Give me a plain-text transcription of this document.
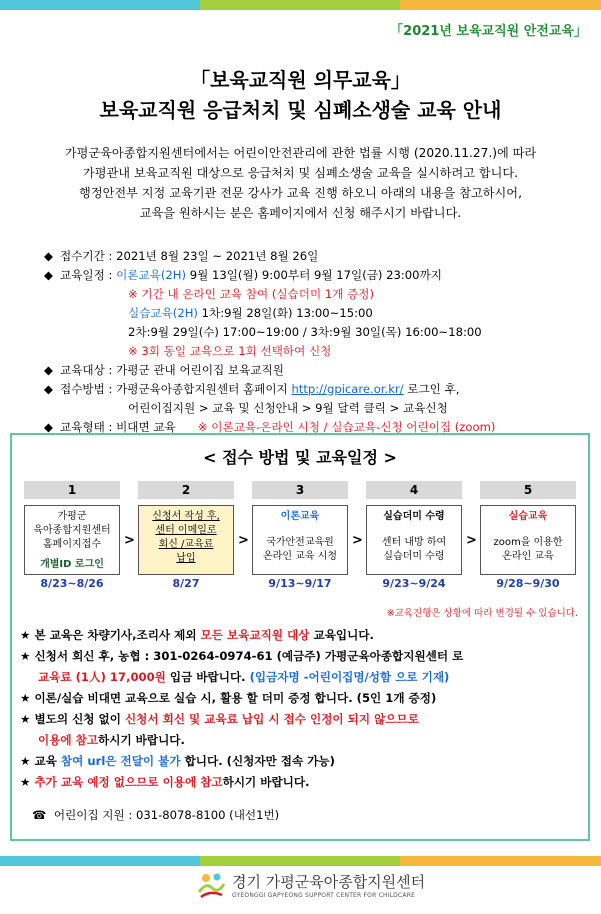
「2021년 보육교직원 안전교육」
「보육교직원 의무교육」
보육교직원 응급처치 및 심폐소생술 교육 안내
가평군육아종합지원센터에서는 어린이안전관리에 관한 법률 시행 (2020.11.27.)에 따라
가평관내 보육교직원 대상으로 응급처치 및 심폐소생술 교육을 실시하려고 합니다.
행정안전부 지정 교육기관 전문 강사가 교육 진행 하오니 아래의 내용을 참고하시어,
교육을 원하시는 분은 홈페이지에서 신청 해주시기 바랍니다.
◆ 접수기간 :
2021년 8월 23일 ~ 2021년 8월 26일
◆ 교육일정 :
이론교육(2H)
9월 13일(월) 9:00부터 9월 17일(금) 23:00까지
※ 기간 내 온라인 교육 참여 (실습더미 1개 증정)
실습교육(2H)
1차:9월 28일(화) 13:00~15:00
2차:9월 29일(수) 17:00~19:00 / 3차:9월 30일(목) 16:00~18:00
※ 3회 동일 교육으로 1회 선택하여 신청
◆ 교육대상 :
가평군 관내 어린이집 보육교직원
◆ 접수방법 :
가평군육아종합지원센터 홈페이지
http://gpicare.or.kr/
로그인 후,
어린이집지원 > 교육 및 신청안내 > 9월 달력 클릭 > 교육신청
◆ 교육형태 :
비대면 교육
※ 이론교육-온라인 시청 / 실습교육-신청 어린이집 (zoom)
< 접수 방법 및 교육일정 >
1
가평군
육아종합지원센터
홈페이지접수
개별ID 로그인
8/23~8/26
>
2
신청서 작성 후,
센터 이메일로
회신 /교육료
납입
8/27
>
3
이론교육
국가안전교육원
온라인 교육 시청
9/13~9/17
>
4
실습더미 수령
센터 내방 하여
실습더미 수령
9/23~9/24
>
5
실습교육
zoom을 이용한
온라인 교육
9/28~9/30
※교육진행은 상황에 따라 변경될 수 있습니다.
★ 본 교육은 차량기사,조리사 제외 모든 보육교직원 대상 교육입니다.
★ 신청서 회신 후, 농협 : 301-0264-0974-61 (예금주) 가평군육아종합지원센터 로
교육료 (1人) 17,000원 입금 바랍니다. (입금자명 -어린이집명/성함 으로 기재)
★ 이론/실습 비대면 교육으로 실습 시, 활용 할 더미 증정 합니다. (5인 1개 증정)
★ 별도의 신청 없이 신청서 회신 및 교육료 납입 시 접수 인정이 되지 않으므로
이용에 참고하시기 바랍니다.
★ 교육 참여 url은 전달이 불가 합니다. (신청자만 접속 가능)
★ 추가 교육 예정 없으므로 이용에 참고하시기 바랍니다.
☎ 어린이집 지원 : 031-8078-8100 (내선1번)
경기 가평군육아종합지원센터
GYEONGGI GAPYEONG SUPPORT CENTER FOR CHILDCARE
